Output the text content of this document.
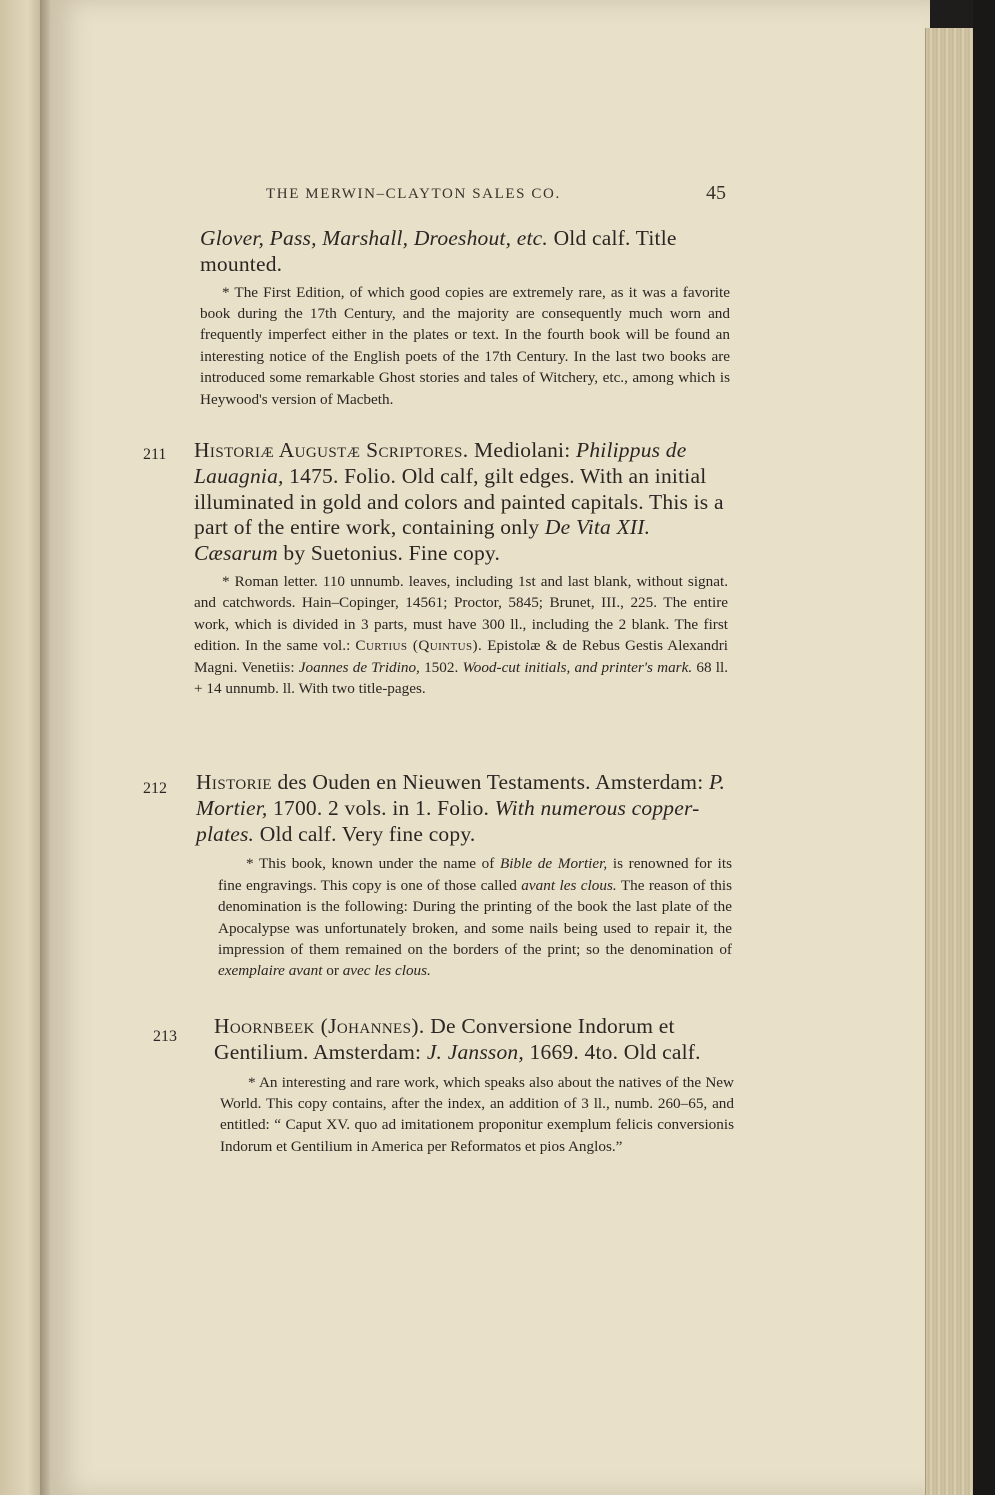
THE MERWIN–CLAYTON SALES CO.	45

Glover, Pass, Marshall, Droeshout, etc. Old calf. Title mounted.

* The First Edition, of which good copies are extremely rare, as it was a favorite book during the 17th Century, and the majority are consequently much worn and frequently imperfect either in the plates or text. In the fourth book will be found an interesting notice of the English poets of the 17th Century. In the last two books are introduced some remarkable Ghost stories and tales of Witchery, etc., among which is Heywood's version of Macbeth.

211 Historiæ Augustæ Scriptores. Mediolani: Philippus de Lauagnia, 1475. Folio. Old calf, gilt edges. With an initial illuminated in gold and colors and painted capitals. This is a part of the entire work, containing only De Vita XII. Cæsarum by Suetonius. Fine copy.

* Roman letter. 110 unnumb. leaves, including 1st and last blank, without signat. and catchwords. Hain–Copinger, 14561; Proctor, 5845; Brunet, III., 225. The entire work, which is divided in 3 parts, must have 300 ll., including the 2 blank. The first edition. In the same vol.: Curtius (Quintus). Epistolæ & de Rebus Gestis Alexandri Magni. Venetiis: Joannes de Tridino, 1502. Wood-cut initials, and printer's mark. 68 ll. + 14 unnumb. ll. With two title-pages.

212 Historie des Ouden en Nieuwen Testaments. Amsterdam: P. Mortier, 1700. 2 vols. in 1. Folio. With numerous copper-plates. Old calf. Very fine copy.

* This book, known under the name of Bible de Mortier, is renowned for its fine engravings. This copy is one of those called avant les clous. The reason of this denomination is the following: During the printing of the book the last plate of the Apocalypse was unfortunately broken, and some nails being used to repair it, the impression of them remained on the borders of the print; so the denomination of exemplaire avant or avec les clous.

213 Hoornbeek (Johannes). De Conversione Indorum et Gentilium. Amsterdam: J. Jansson, 1669. 4to. Old calf.

* An interesting and rare work, which speaks also about the natives of the New World. This copy contains, after the index, an addition of 3 ll., numb. 260–65, and entitled: “ Caput XV. quo ad imitationem proponitur exemplum felicis conversionis Indorum et Gentilium in America per Reformatos et pios Anglos.”
